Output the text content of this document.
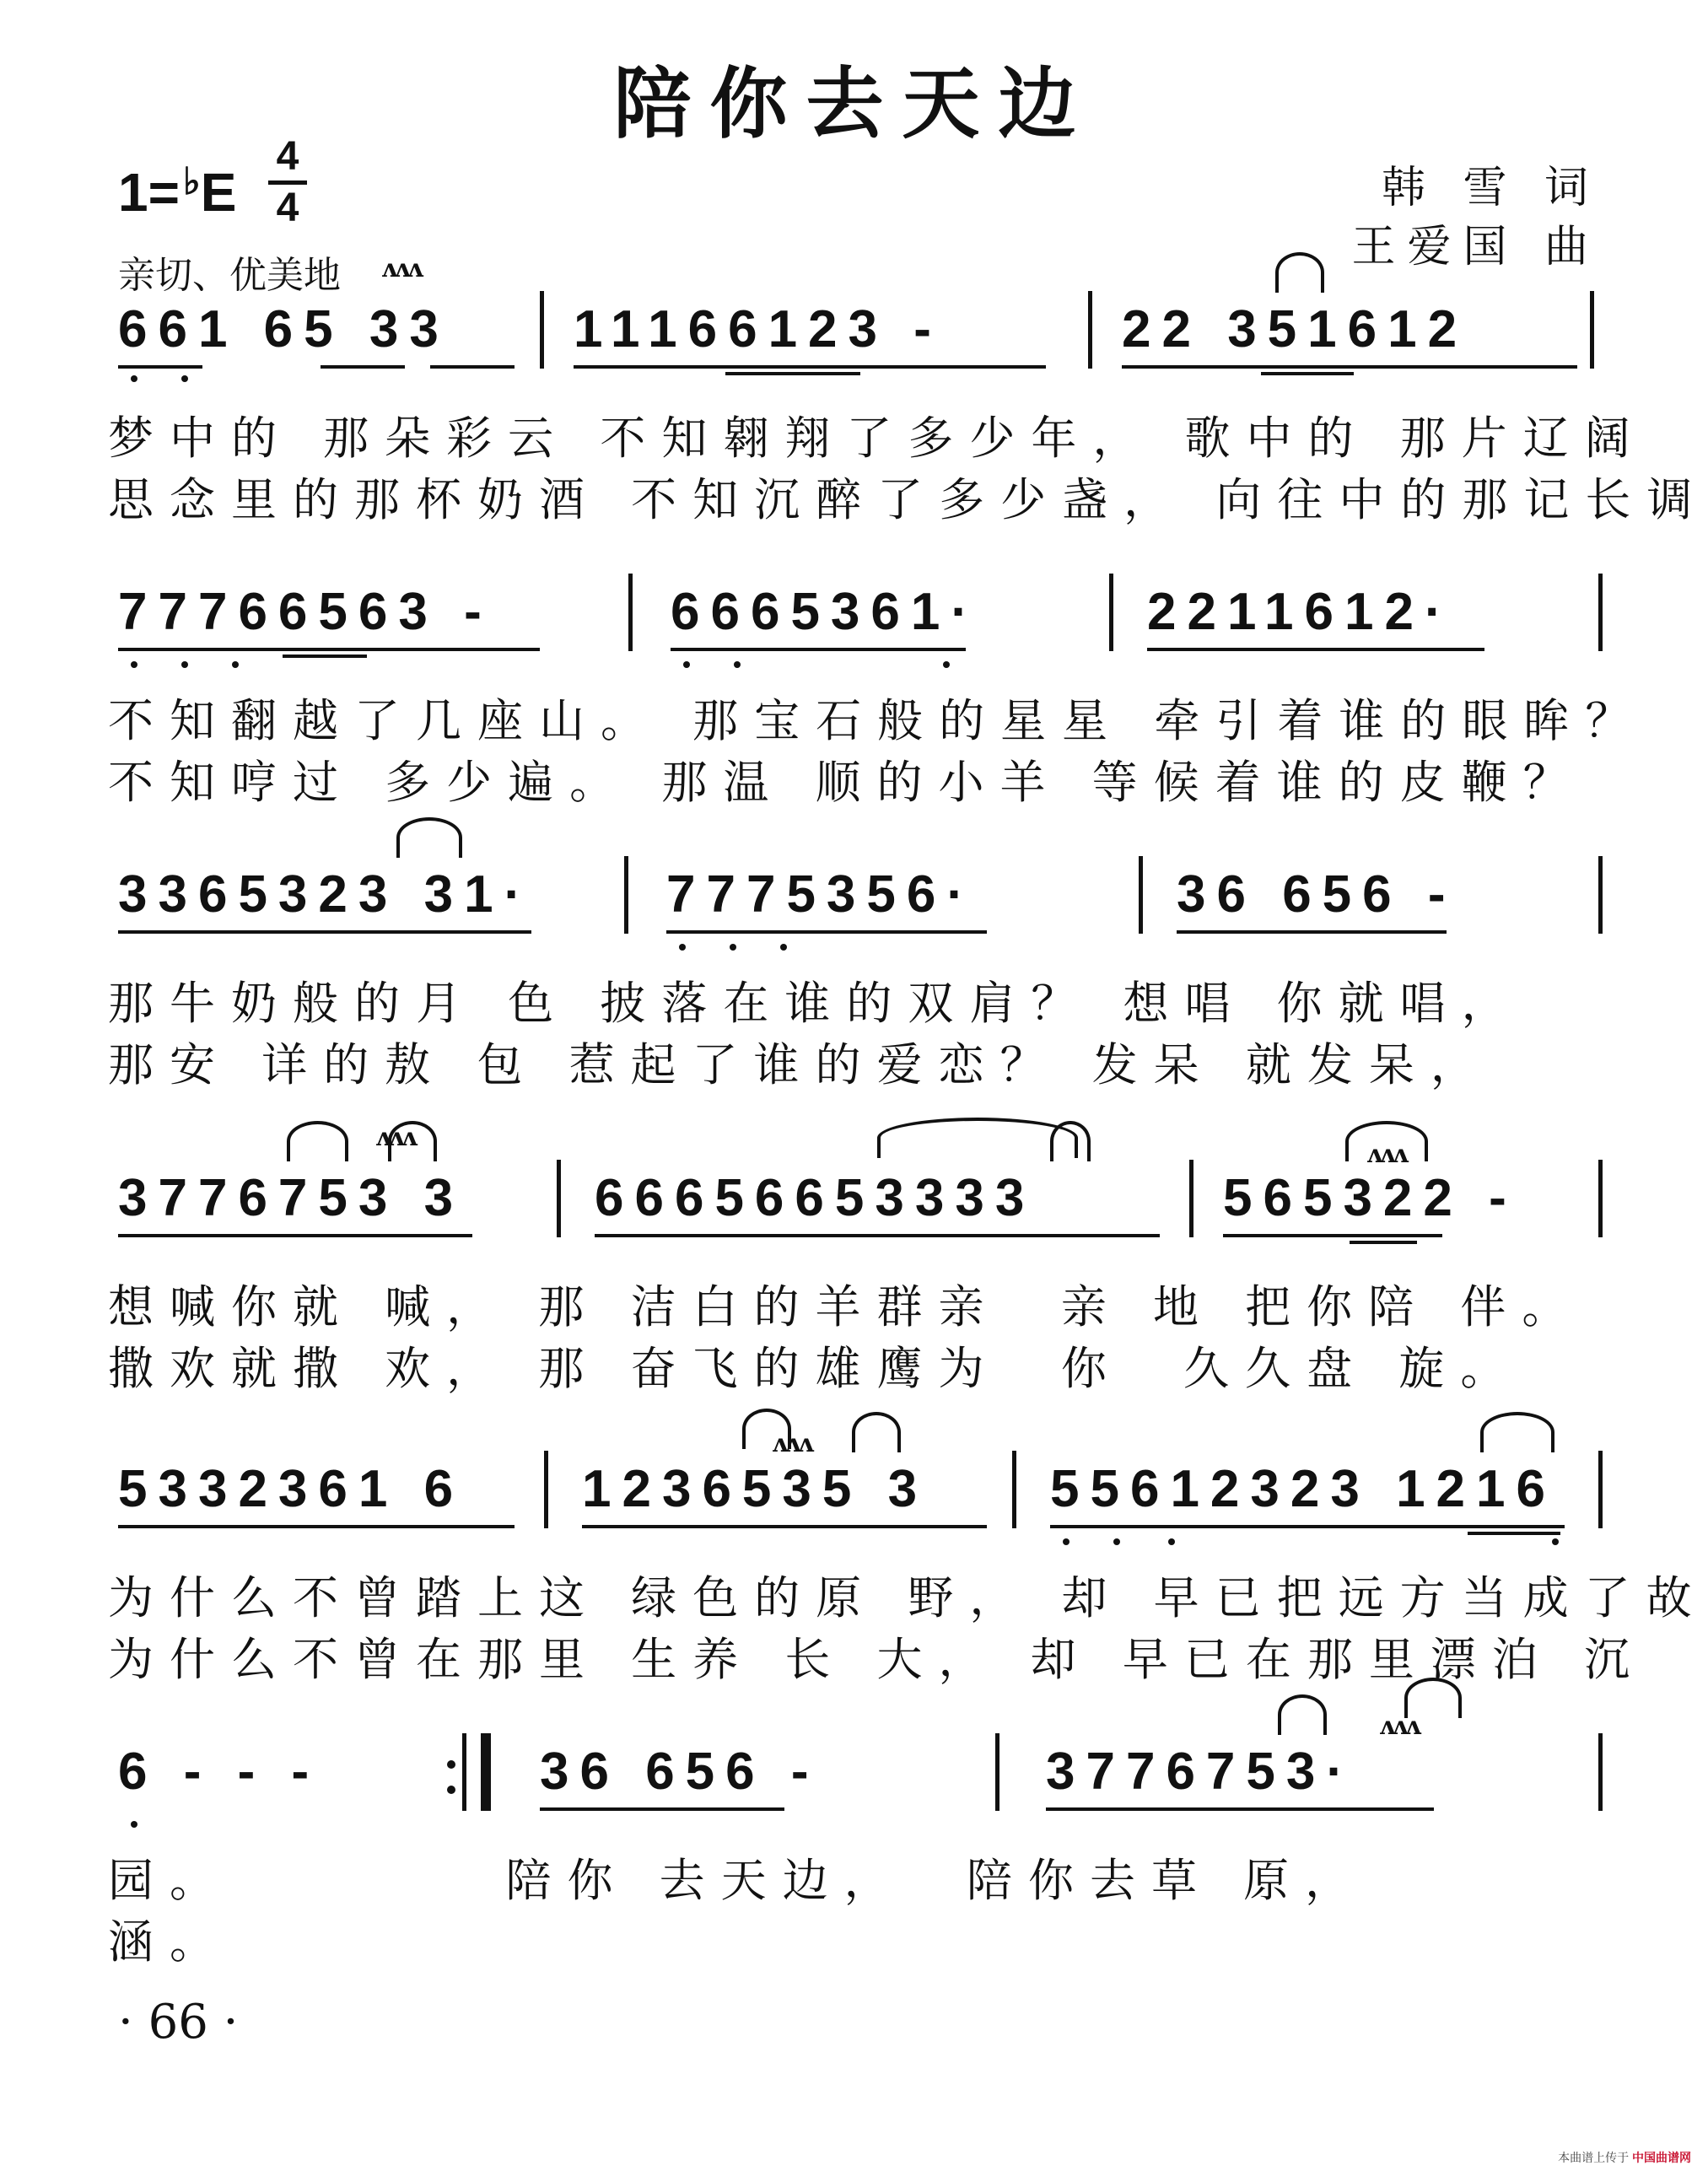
陪你去天边
1=♭E
4
4
亲切、优美地
韩 雪 词
王爱国 曲
661 65 33 11166123 -	22 351612
ʌʌʌ
梦中的 那朵彩云 不知翱翔了多少年， 歌中的 那片辽阔
思念里的那杯奶酒 不知沉醉了多少盏， 向往中的那记长调
77766563 -	6665361·	2211612·
不知翻越了几座山。 那宝石般的星星 牵引着谁的眼眸？
不知哼过 多少遍。 那温 顺的小羊 等候着谁的皮鞭？
3365323 31·	7775356·	36 656 -
那牛奶般的月 色 披落在谁的双肩？ 想唱 你就唱，
那安 详的敖 包 惹起了谁的爱恋？ 发呆 就发呆，
3776753 3 66656653333	565322 -
ʌʌʌ
ʌʌʌ
想喊你就 喊， 那 洁白的羊群亲  亲 地 把你陪 伴。
撒欢就撒 欢， 那 奋飞的雄鹰为  你  久久盘 旋。
5332361 6 1236535 3 55612323 1216
ʌʌʌ
为什么不曾踏上这 绿色的原 野， 却 早已把远方当成了故
为什么不曾在那里 生养 长 大， 却 早已在那里漂泊 沉
6 - - -	36 656 -	3776753·
ʌʌʌ
园。         陪你 去天边，  陪你去草 原，
涵。
· 66 ·
本曲谱上传于 中国曲谱网
